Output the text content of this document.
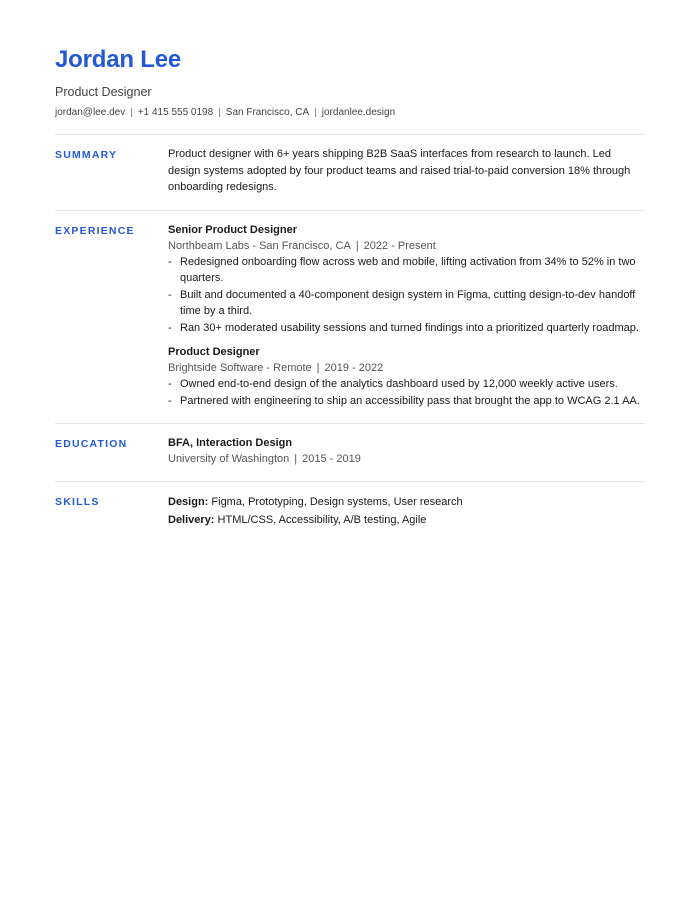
Jordan Lee
Product Designer
jordan@lee.dev | +1 415 555 0198 | San Francisco, CA | jordanlee.design
SUMMARY	Product designer with 6+ years shipping B2B SaaS interfaces from research to launch. Led design systems adopted by four product teams and raised trial-to-paid conversion 18% through onboarding redesigns.
EXPERIENCE	Senior Product Designer
Northbeam Labs - San Francisco, CA | 2022 - Present
- Redesigned onboarding flow across web and mobile, lifting activation from 34% to 52% in two quarters.
- Built and documented a 40-component design system in Figma, cutting design-to-dev handoff time by a third.
- Ran 30+ moderated usability sessions and turned findings into a prioritized quarterly roadmap.
Product Designer
Brightside Software - Remote | 2019 - 2022
- Owned end-to-end design of the analytics dashboard used by 12,000 weekly active users.
- Partnered with engineering to ship an accessibility pass that brought the app to WCAG 2.1 AA.
EDUCATION	BFA, Interaction Design
University of Washington | 2015 - 2019
SKILLS	Design: Figma, Prototyping, Design systems, User research
Delivery: HTML/CSS, Accessibility, A/B testing, Agile
